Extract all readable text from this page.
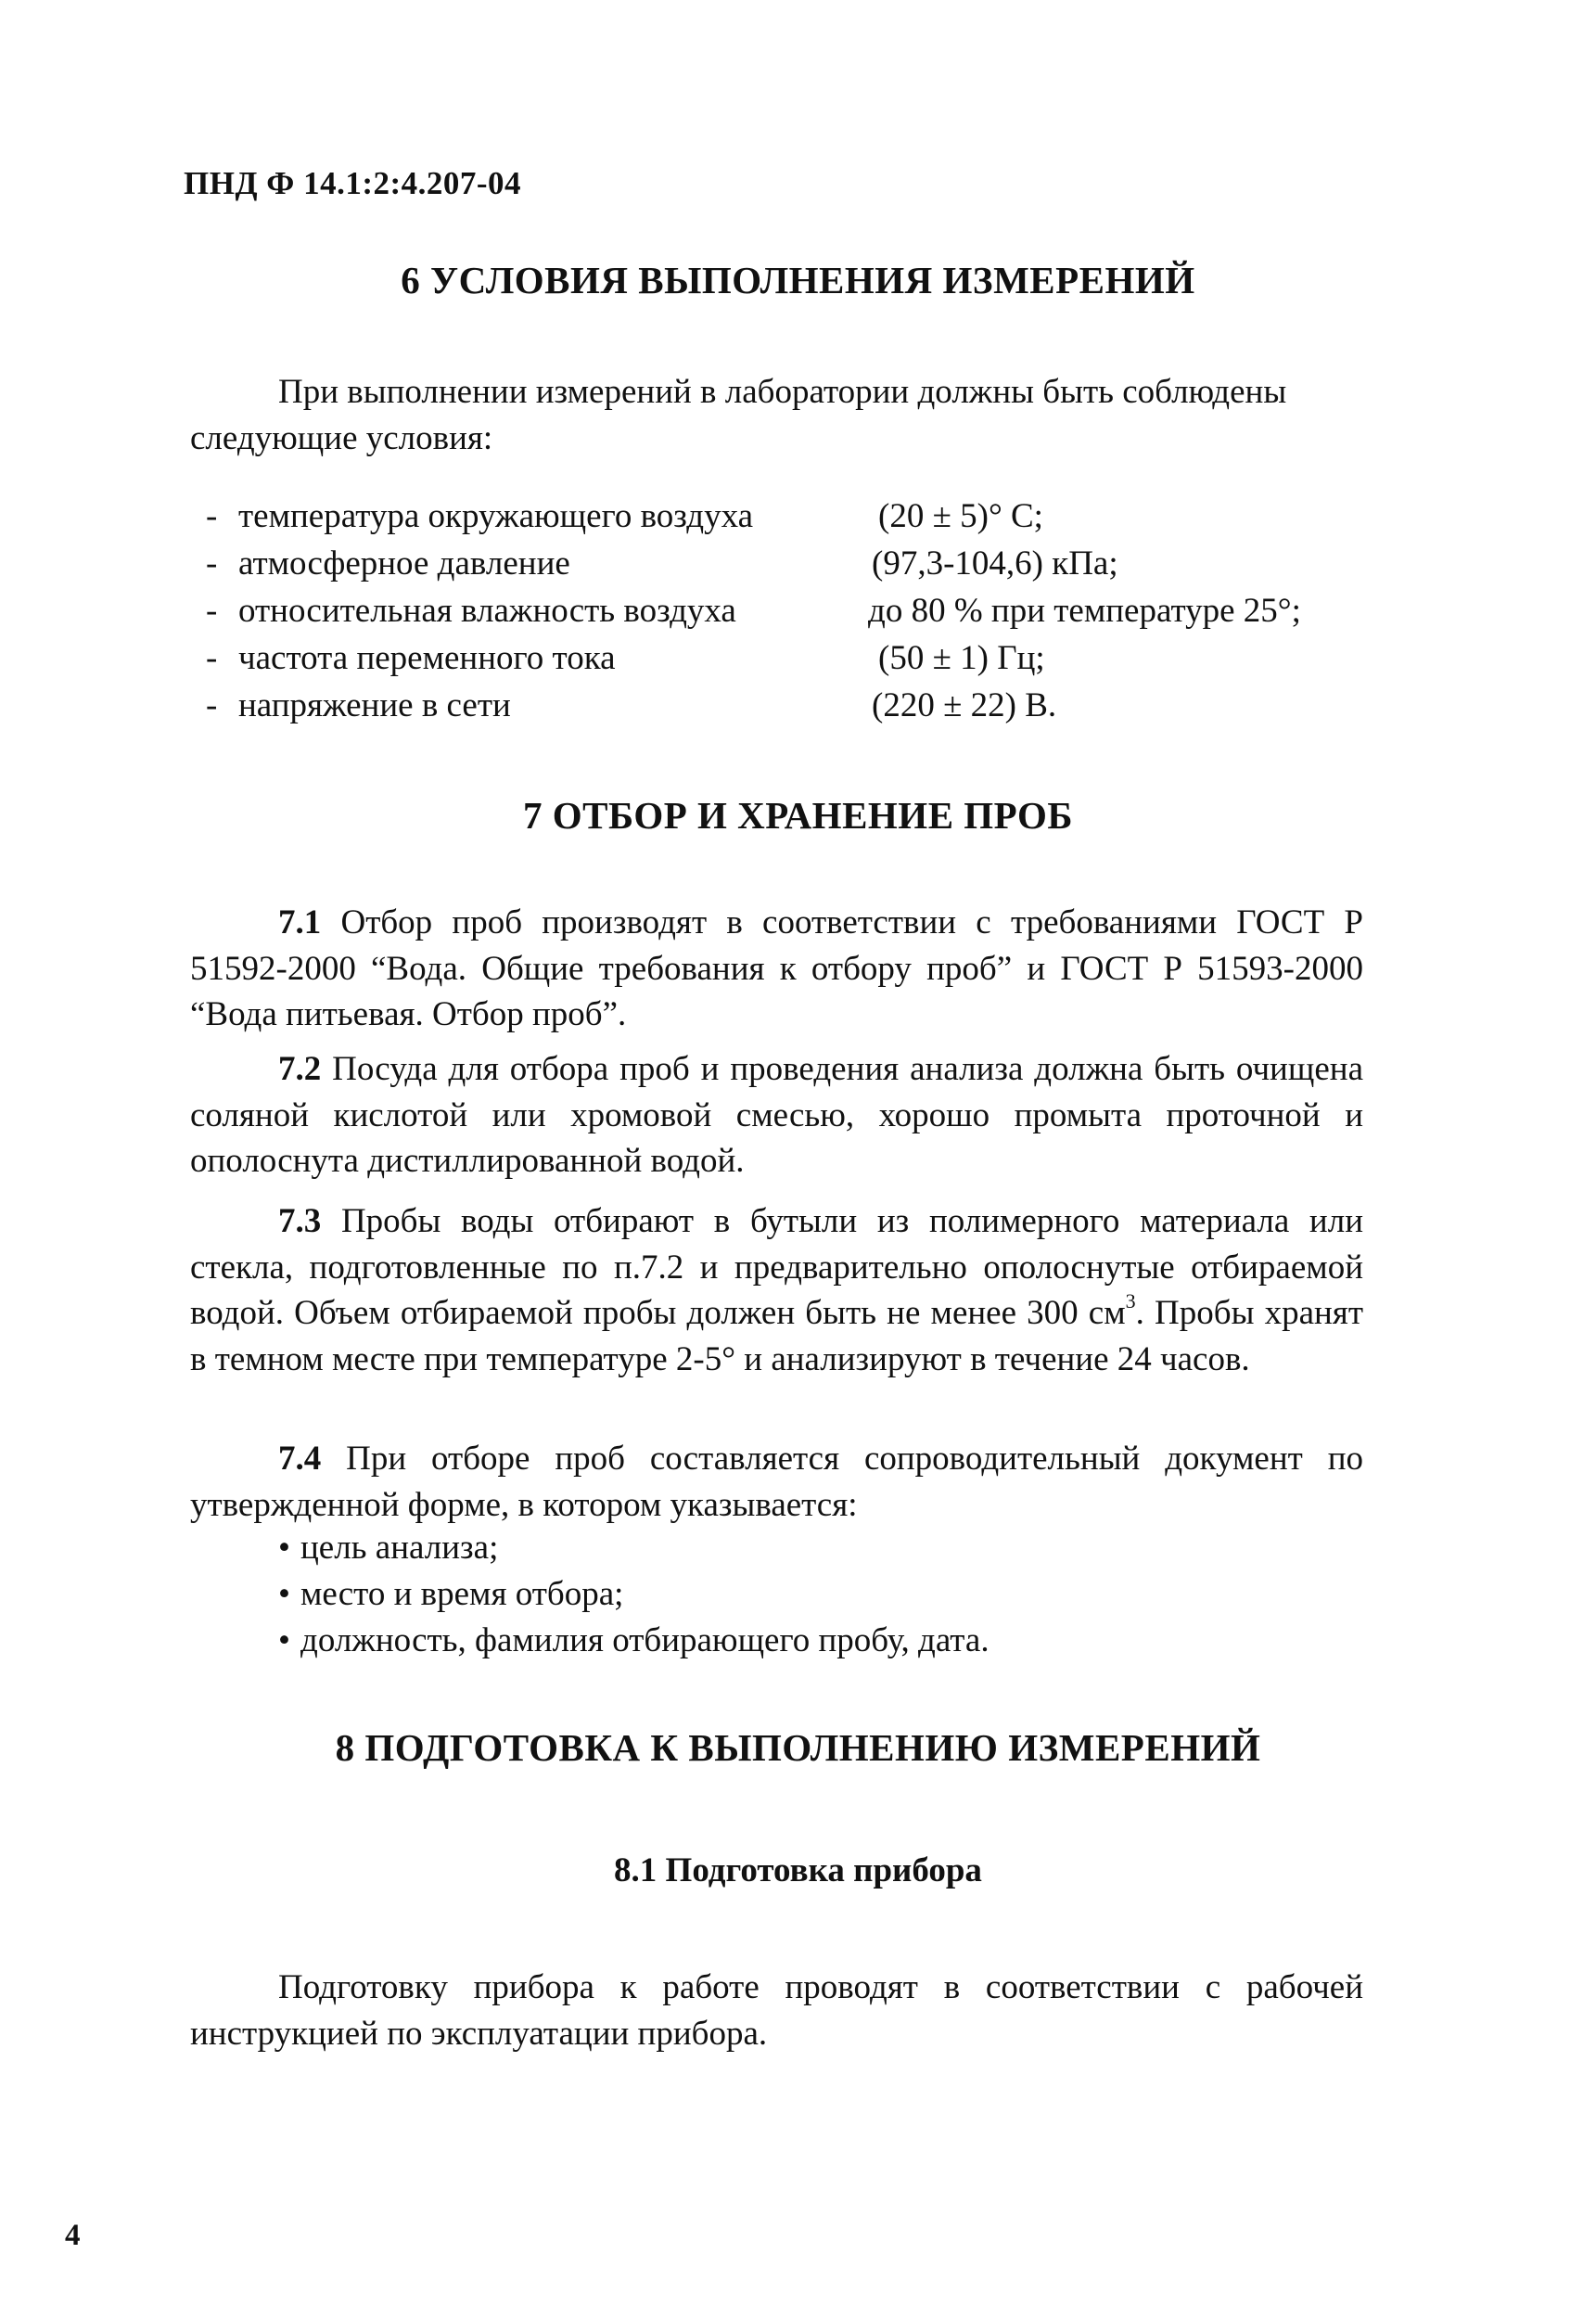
ПНД Ф 14.1:2:4.207-04
6 УСЛОВИЯ ВЫПОЛНЕНИЯ ИЗМЕРЕНИЙ
При выполнении измерений в лаборатории должны быть соблюдены
следующие условия:
- температура окружающего воздуха	(20 ± 5)° С;
- атмосферное давление	(97,3-104,6) кПа;
- относительная влажность воздуха	до 80 % при температуре 25°;
- частота переменного тока	(50 ± 1) Гц;
- напряжение в сети	(220 ± 22) В.
7 ОТБОР И ХРАНЕНИЕ ПРОБ
7.1 Отбор проб производят в соответствии с требованиями ГОСТ Р 51592-2000 “Вода. Общие требования к отбору проб” и ГОСТ Р 51593-2000 “Вода питьевая. Отбор проб”.
7.2 Посуда для отбора проб и проведения анализа должна быть очищена соляной кислотой или хромовой смесью, хорошо промыта проточной и ополоснута дистиллированной водой.
7.3 Пробы воды отбирают в бутыли из полимерного материала или стекла, подготовленные по п.7.2 и предварительно ополоснутые отбираемой водой. Объем отбираемой пробы должен быть не менее 300 $см^3$. Пробы хранят в темном месте при температуре 2-5° и анализируют в течение 24 часов.
7.4 При отборе проб составляется сопроводительный документ по утвержденной форме, в котором указывается:
• цель анализа;
• место и время отбора;
• должность, фамилия отбирающего пробу, дата.
8 ПОДГОТОВКА К ВЫПОЛНЕНИЮ ИЗМЕРЕНИЙ
8.1 Подготовка прибора
Подготовку прибора к работе проводят в соответствии с рабочей инструкцией по эксплуатации прибора.
4
